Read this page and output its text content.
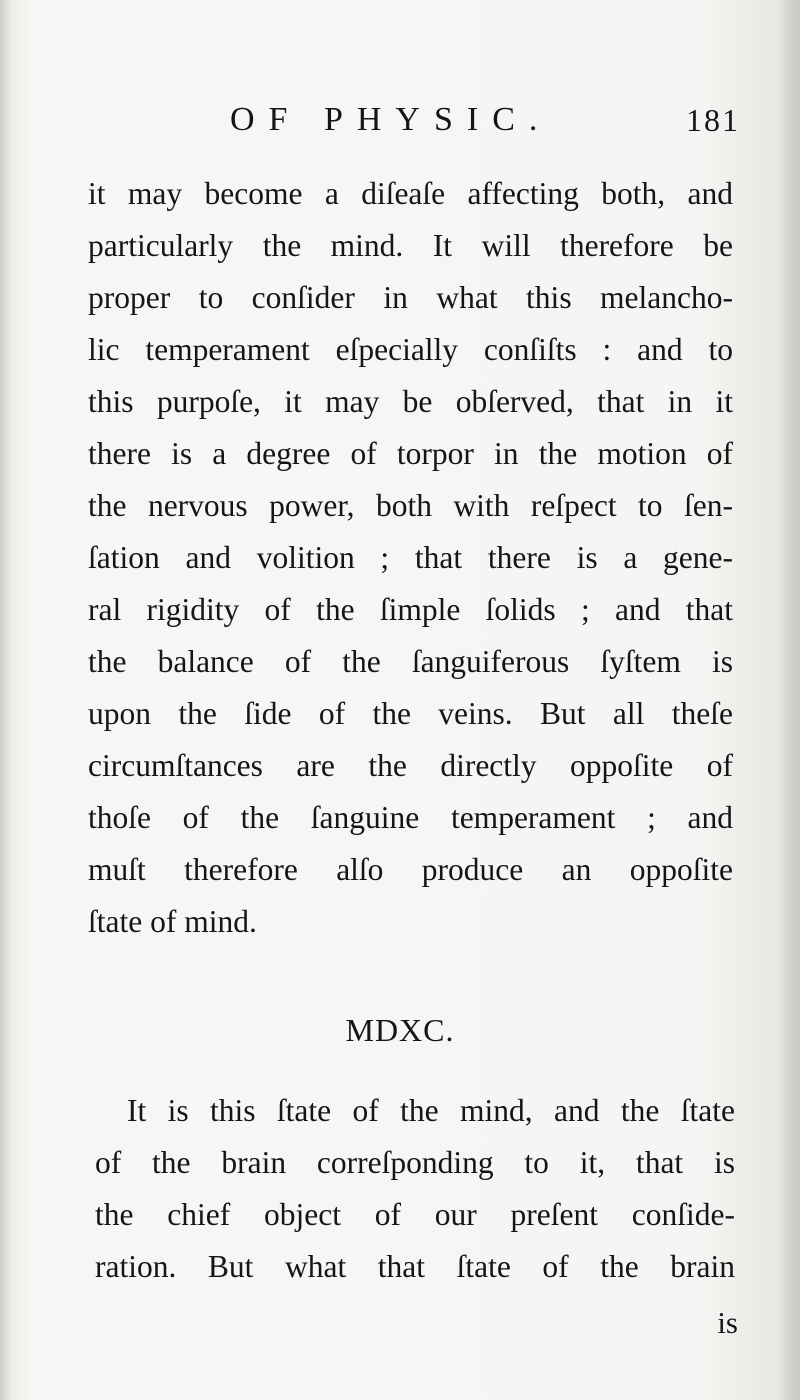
OF PHYSIC.	181
it may become a diſeaſe affecting both, and
particularly the mind. It will therefore be
proper to conſider in what this melancho-
lic temperament eſpecially conſiſts : and to
this purpoſe, it may be obſerved, that in it
there is a degree of torpor in the motion of
the nervous power, both with reſpect to ſen-
ſation and volition ; that there is a gene-
ral rigidity of the ſimple ſolids ; and that
the balance of the ſanguiferous ſyſtem is
upon the ſide of the veins. But all theſe
circumſtances are the directly oppoſite of
thoſe of the ſanguine temperament ; and
muſt therefore alſo produce an oppoſite
ſtate of mind.
MDXC.
It is this ſtate of the mind, and the ſtate
of the brain correſponding to it, that is
the chief object of our preſent conſide-
ration. But what that ſtate of the brain
is
